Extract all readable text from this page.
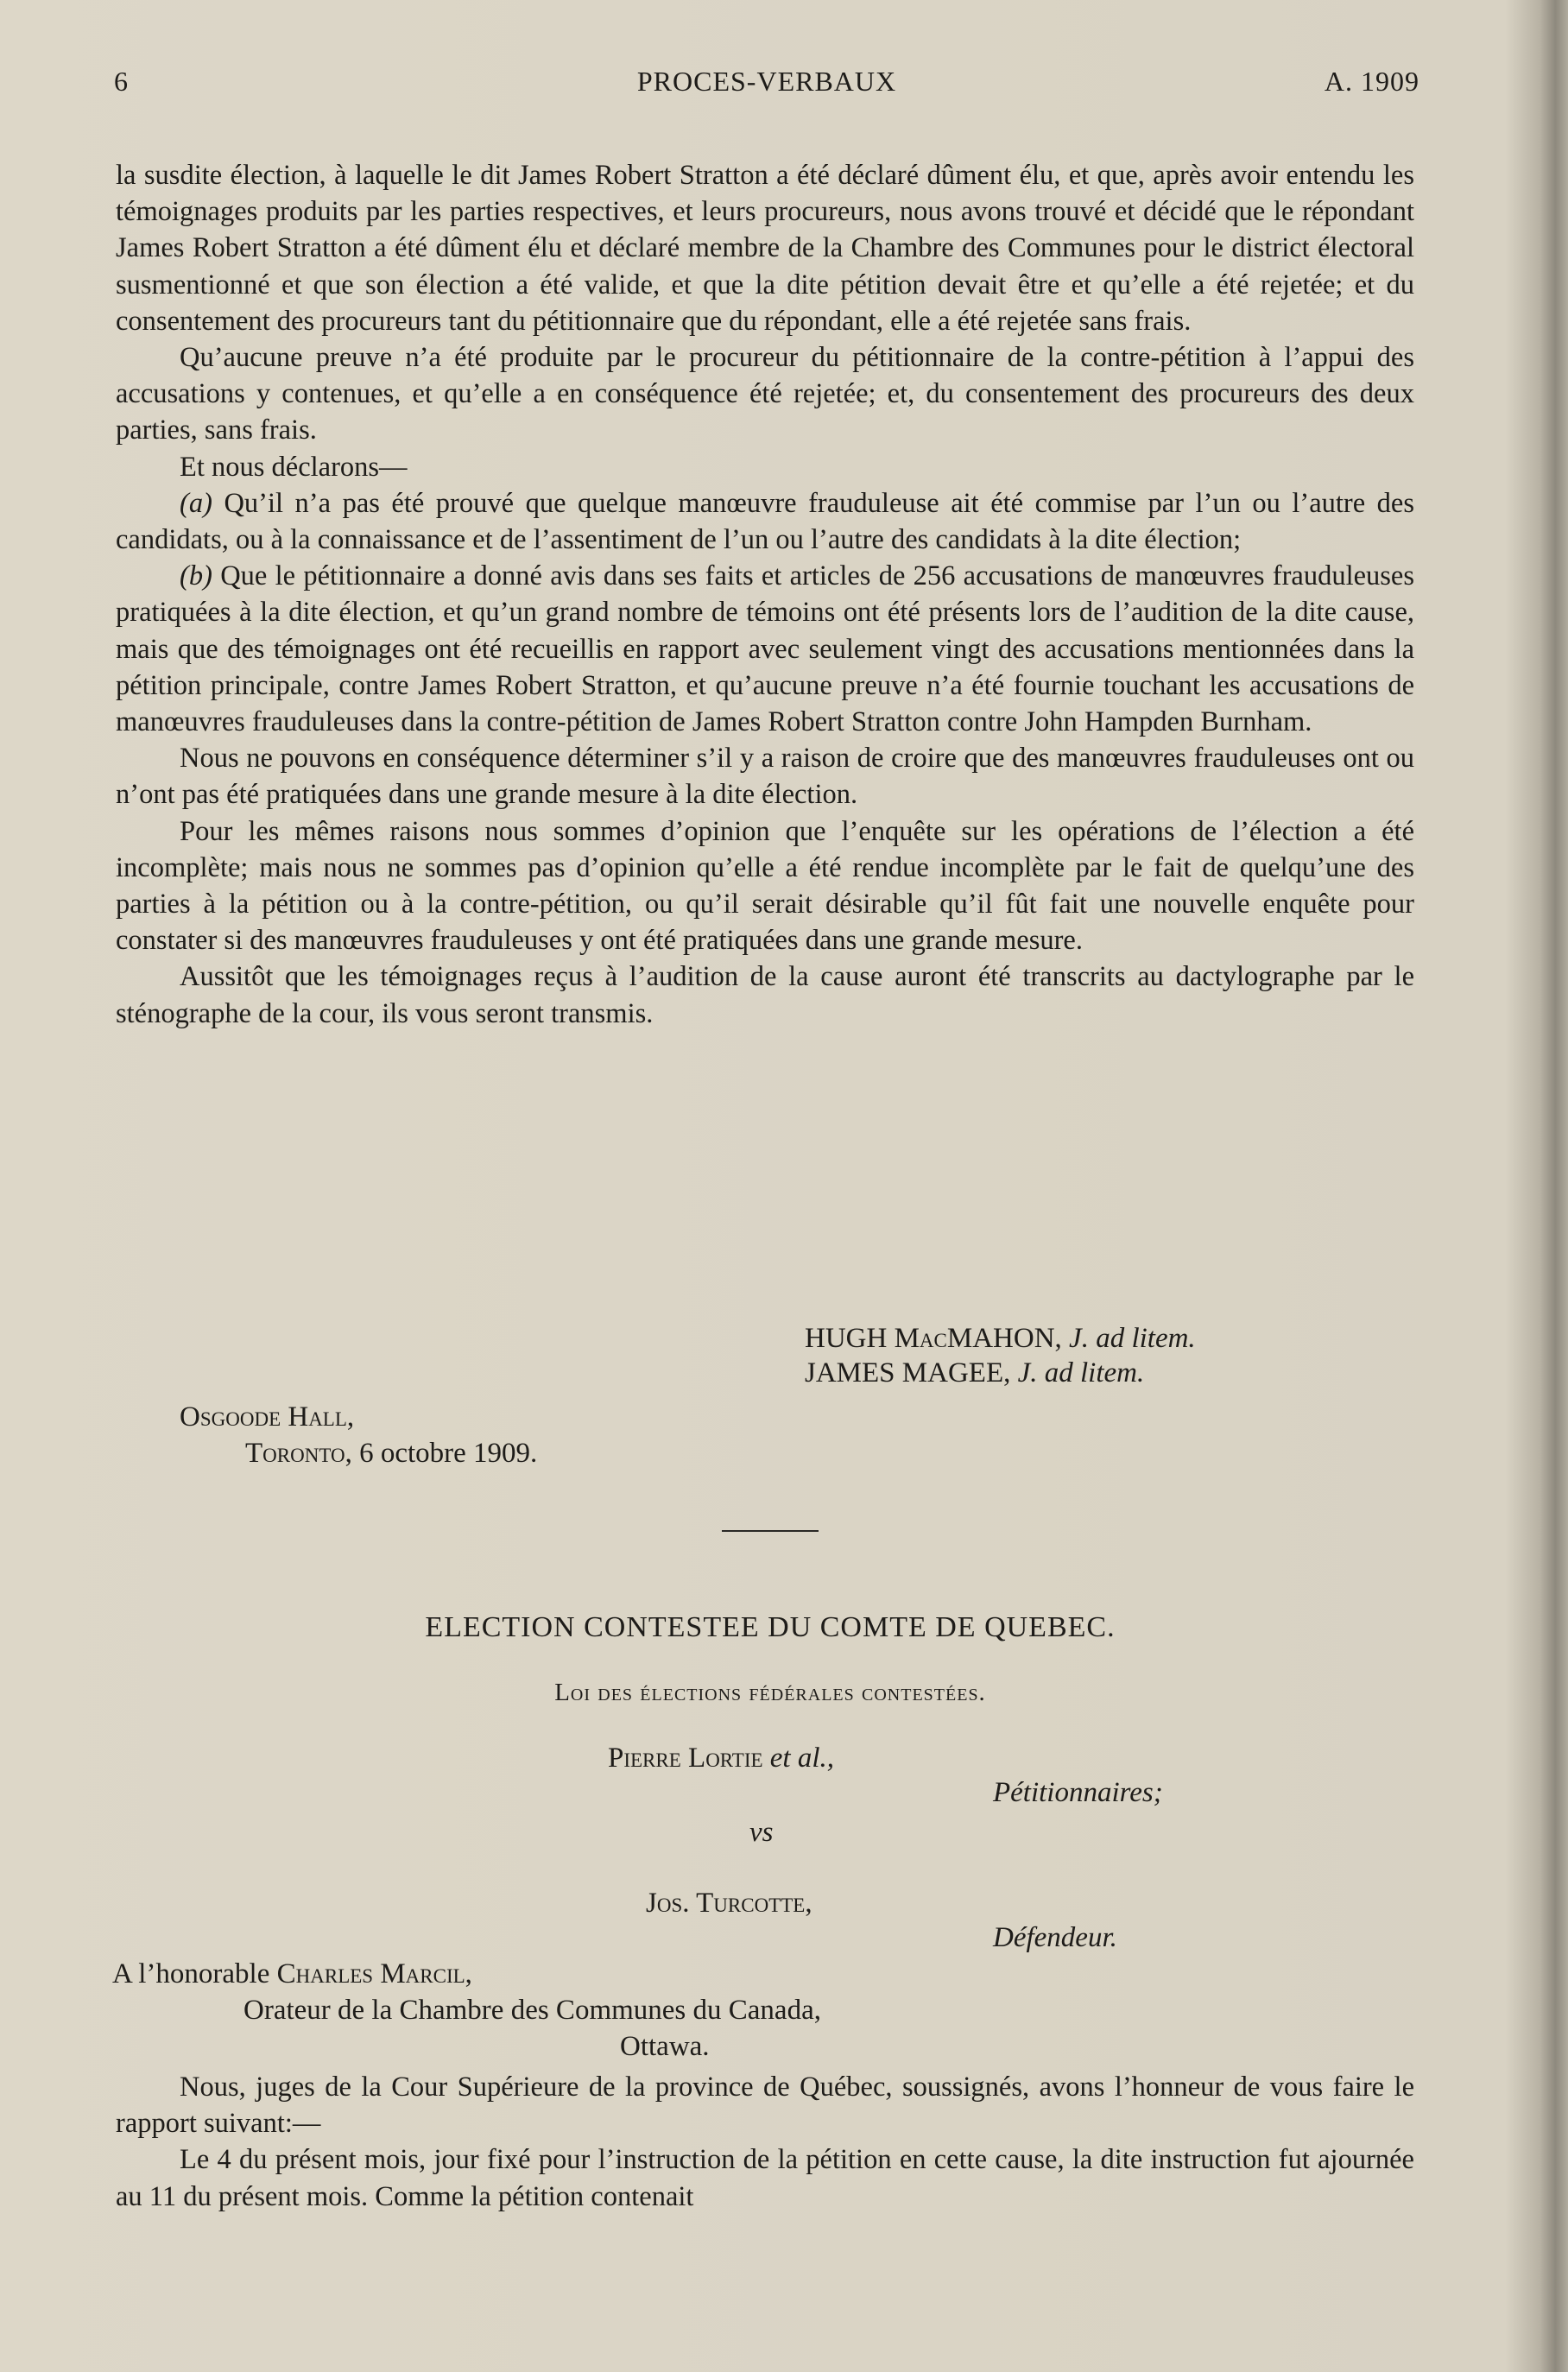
6	PROCES-VERBAUX	A. 1909

la susdite élection, à laquelle le dit James Robert Stratton a été déclaré dûment élu, et que, après avoir entendu les témoignages produits par les parties respectives, et leurs procureurs, nous avons trouvé et décidé que le répondant James Robert Stratton a été dûment élu et déclaré membre de la Chambre des Communes pour le district électoral susmentionné et que son élection a été valide, et que la dite pétition devait être et qu’elle a été rejetée; et du consentement des procureurs tant du pétitionnaire que du répondant, elle a été rejetée sans frais.

Qu’aucune preuve n’a été produite par le procureur du pétitionnaire de la contre-pétition à l’appui des accusations y contenues, et qu’elle a en conséquence été rejetée; et, du consentement des procureurs des deux parties, sans frais.

Et nous déclarons—

(a) Qu’il n’a pas été prouvé que quelque manœuvre frauduleuse ait été commise par l’un ou l’autre des candidats, ou à la connaissance et de l’assentiment de l’un ou l’autre des candidats à la dite élection;

(b) Que le pétitionnaire a donné avis dans ses faits et articles de 256 accusations de manœuvres frauduleuses pratiquées à la dite élection, et qu’un grand nombre de témoins ont été présents lors de l’audition de la dite cause, mais que des témoignages ont été recueillis en rapport avec seulement vingt des accusations mentionnées dans la pétition principale, contre James Robert Stratton, et qu’aucune preuve n’a été fournie touchant les accusations de manœuvres frauduleuses dans la contre-pétition de James Robert Stratton contre John Hampden Burnham.

Nous ne pouvons en conséquence déterminer s’il y a raison de croire que des manœuvres frauduleuses ont ou n’ont pas été pratiquées dans une grande mesure à la dite élection.

Pour les mêmes raisons nous sommes d’opinion que l’enquête sur les opérations de l’élection a été incomplète; mais nous ne sommes pas d’opinion qu’elle a été rendue incomplète par le fait de quelqu’une des parties à la pétition ou à la contre-pétition, ou qu’il serait désirable qu’il fût fait une nouvelle enquête pour constater si des manœuvres frauduleuses y ont été pratiquées dans une grande mesure.

Aussitôt que les témoignages reçus à l’audition de la cause auront été transcrits au dactylographe par le sténographe de la cour, ils vous seront transmis.

HUGH MacMAHON, J. ad litem.
JAMES MAGEE, J. ad litem.
Osgoode Hall,
Toronto, 6 octobre 1909.
ELECTION CONTESTEE DU COMTE DE QUEBEC.
Loi des élections fédérales contestées.
Pierre Lortie et al.,
Pétitionnaires;
vs
Jos. Turcotte,
Défendeur.
A l’honorable Charles Marcil,
Orateur de la Chambre des Communes du Canada,
Ottawa.

Nous, juges de la Cour Supérieure de la province de Québec, soussignés, avons l’honneur de vous faire le rapport suivant:—

Le 4 du présent mois, jour fixé pour l’instruction de la pétition en cette cause, la dite instruction fut ajournée au 11 du présent mois. Comme la pétition contenait
